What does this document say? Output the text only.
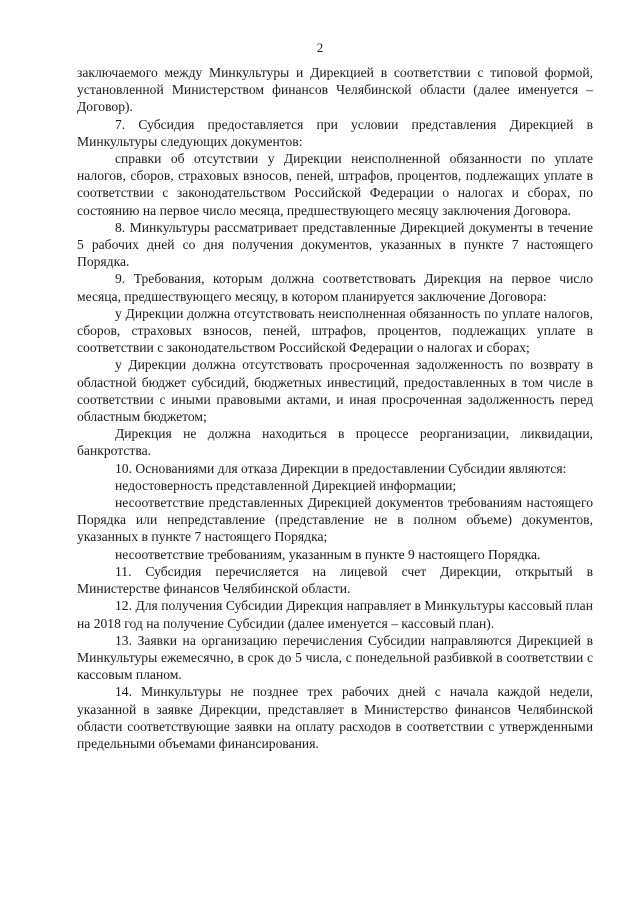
2

заключаемого между Минкультуры и Дирекцией в соответствии с типовой формой, установленной Министерством финансов Челябинской области (далее именуется – Договор).

7. Субсидия предоставляется при условии представления Дирекцией в Минкультуры следующих документов:

справки об отсутствии у Дирекции неисполненной обязанности по уплате налогов, сборов, страховых взносов, пеней, штрафов, процентов, подлежащих уплате в соответствии с законодательством Российской Федерации о налогах и сборах, по состоянию на первое число месяца, предшествующего месяцу заключения Договора.

8. Минкультуры рассматривает представленные Дирекцией документы в течение 5 рабочих дней со дня получения документов, указанных в пункте 7 настоящего Порядка.

9. Требования, которым должна соответствовать Дирекция на первое число месяца, предшествующего месяцу, в котором планируется заключение Договора:

у Дирекции должна отсутствовать неисполненная обязанность по уплате налогов, сборов, страховых взносов, пеней, штрафов, процентов, подлежащих уплате в соответствии с законодательством Российской Федерации о налогах и сборах;

у Дирекции должна отсутствовать просроченная задолженность по возврату в областной бюджет субсидий, бюджетных инвестиций, предоставленных в том числе в соответствии с иными правовыми актами, и иная просроченная задолженность перед областным бюджетом;

Дирекция не должна находиться в процессе реорганизации, ликвидации, банкротства.

10. Основаниями для отказа Дирекции в предоставлении Субсидии являются:

недостоверность представленной Дирекцией информации;

несоответствие представленных Дирекцией документов требованиям настоящего Порядка или непредставление (представление не в полном объеме) документов, указанных в пункте 7 настоящего Порядка;

несоответствие требованиям, указанным в пункте 9 настоящего Порядка.

11. Субсидия перечисляется на лицевой счет Дирекции, открытый в Министерстве финансов Челябинской области.

12. Для получения Субсидии Дирекция направляет в Минкультуры кассовый план на 2018 год на получение Субсидии (далее именуется – кассовый план).

13. Заявки на организацию перечисления Субсидии направляются Дирекцией в Минкультуры ежемесячно, в срок до 5 числа, с понедельной разбивкой в соответствии с кассовым планом.

14. Минкультуры не позднее трех рабочих дней с начала каждой недели, указанной в заявке Дирекции, представляет в Министерство финансов Челябинской области соответствующие заявки на оплату расходов в соответствии с утвержденными предельными объемами финансирования.
